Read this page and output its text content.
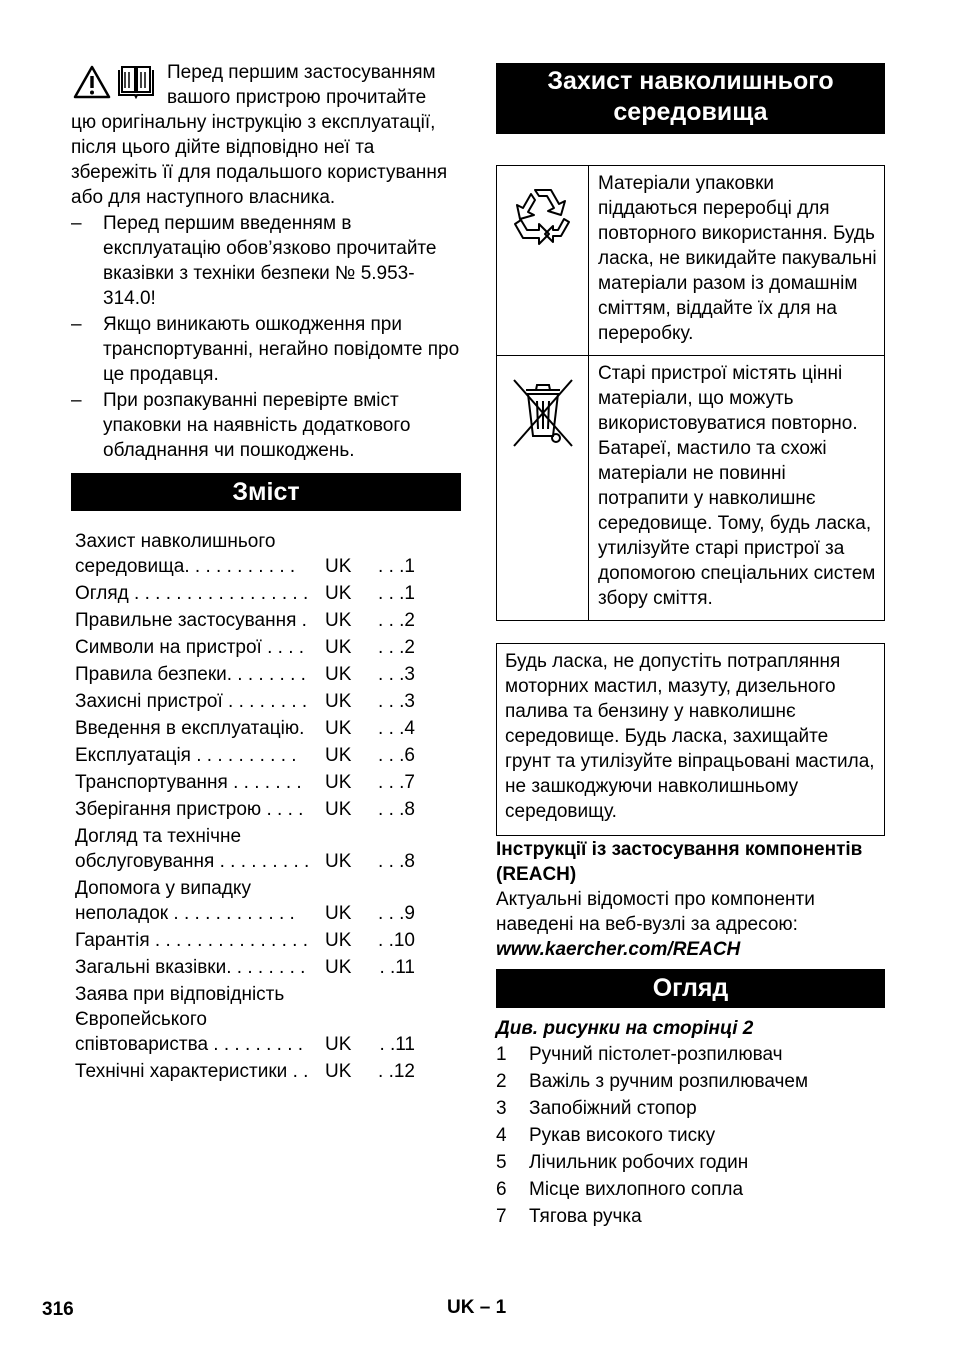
Перед першим застосуванням
вашого пристрою прочитайте
цю оригінальну інструкцію з експлуатації, після цього дійте відповідно неї та збережіть її для подальшого користування або для наступного власника.

– Перед першим введенням в експлуатацію обов’язково прочитайте вказівки з техніки безпеки № 5.953-314.0!
– Якщо виникають ошкодження при транспортуванні, негайно повідомте про це продавця.
– При розпакуванні перевірте вміст упаковки на наявність додаткового обладнання чи пошкоджень.
Зміст
Захист навколишнього середовища. . . . . . . . . . .	UK	. . .1
Огляд . . . . . . . . . . . . . . . . . UK	. . .1
Правильне застосування . UK	. . .2
Символи на пристрої . . . .	UK	. . .2
Правила безпеки. . . . . . . .	UK	. . .3
Захисні пристрої . . . . . . . . UK	. . .3
Введення в експлуатацію.	UK	. . .4
Експлуатація . . . . . . . . . .	UK	. . .6
Транспортування . . . . . . .	UK	. . .7
Зберігання пристрою . . . .	UK	. . .8
Догляд та технічне обслуговування . . . . . . . . . UK	. . .8
Допомога у випадку неполадок . . . . . . . . . . . .	UK	. . .9
Гарантія . . . . . . . . . . . . . . . UK	. .10
Загальні вказівки. . . . . . . .	UK	. .11
Заява при відповідність Європейського співтовариства . . . . . . . . .	UK	. .11
Технічні характеристики . . UK	. .12
Захист навколишнього середовища
	Матеріали упаковки піддаються переробці для повторного використання. Будь ласка, не викидайте пакувальні матеріали разом із домашнім сміттям, віддайте їх для на переробку.
	Старі пристрої містять цінні матеріали, що можуть використовуватися повторно. Батареї, мастило та схожі матеріали не повинні потрапити у навколишнє середовище. Тому, будь ласка, утилізуйте старі пристрої за допомогою спеціальних систем збору сміття.
Будь ласка, не допустіть потрапляння моторних мастил, мазуту, дизельного палива та бензину у навколишнє середовище. Будь ласка, захищайте грунт та утилізуйте віпрацьовані мастила, не зашкоджуючи навколишньому середовищу.
Інструкції із застосування компонентів (REACH)
Актуальні відомості про компоненти наведені на веб-вузлі за адресою:
www.kaercher.com/REACH
Огляд
Див. рисунки на сторінці 2
1	Ручний пістолет-розпилювач
2	Важіль з ручним розпилювачем
3	Запобіжний стопор
4	Рукав високого тиску
5	Лічильник робочих годин
6	Місце вихлопного сопла
7	Тягова ручка
316	UK – 1
